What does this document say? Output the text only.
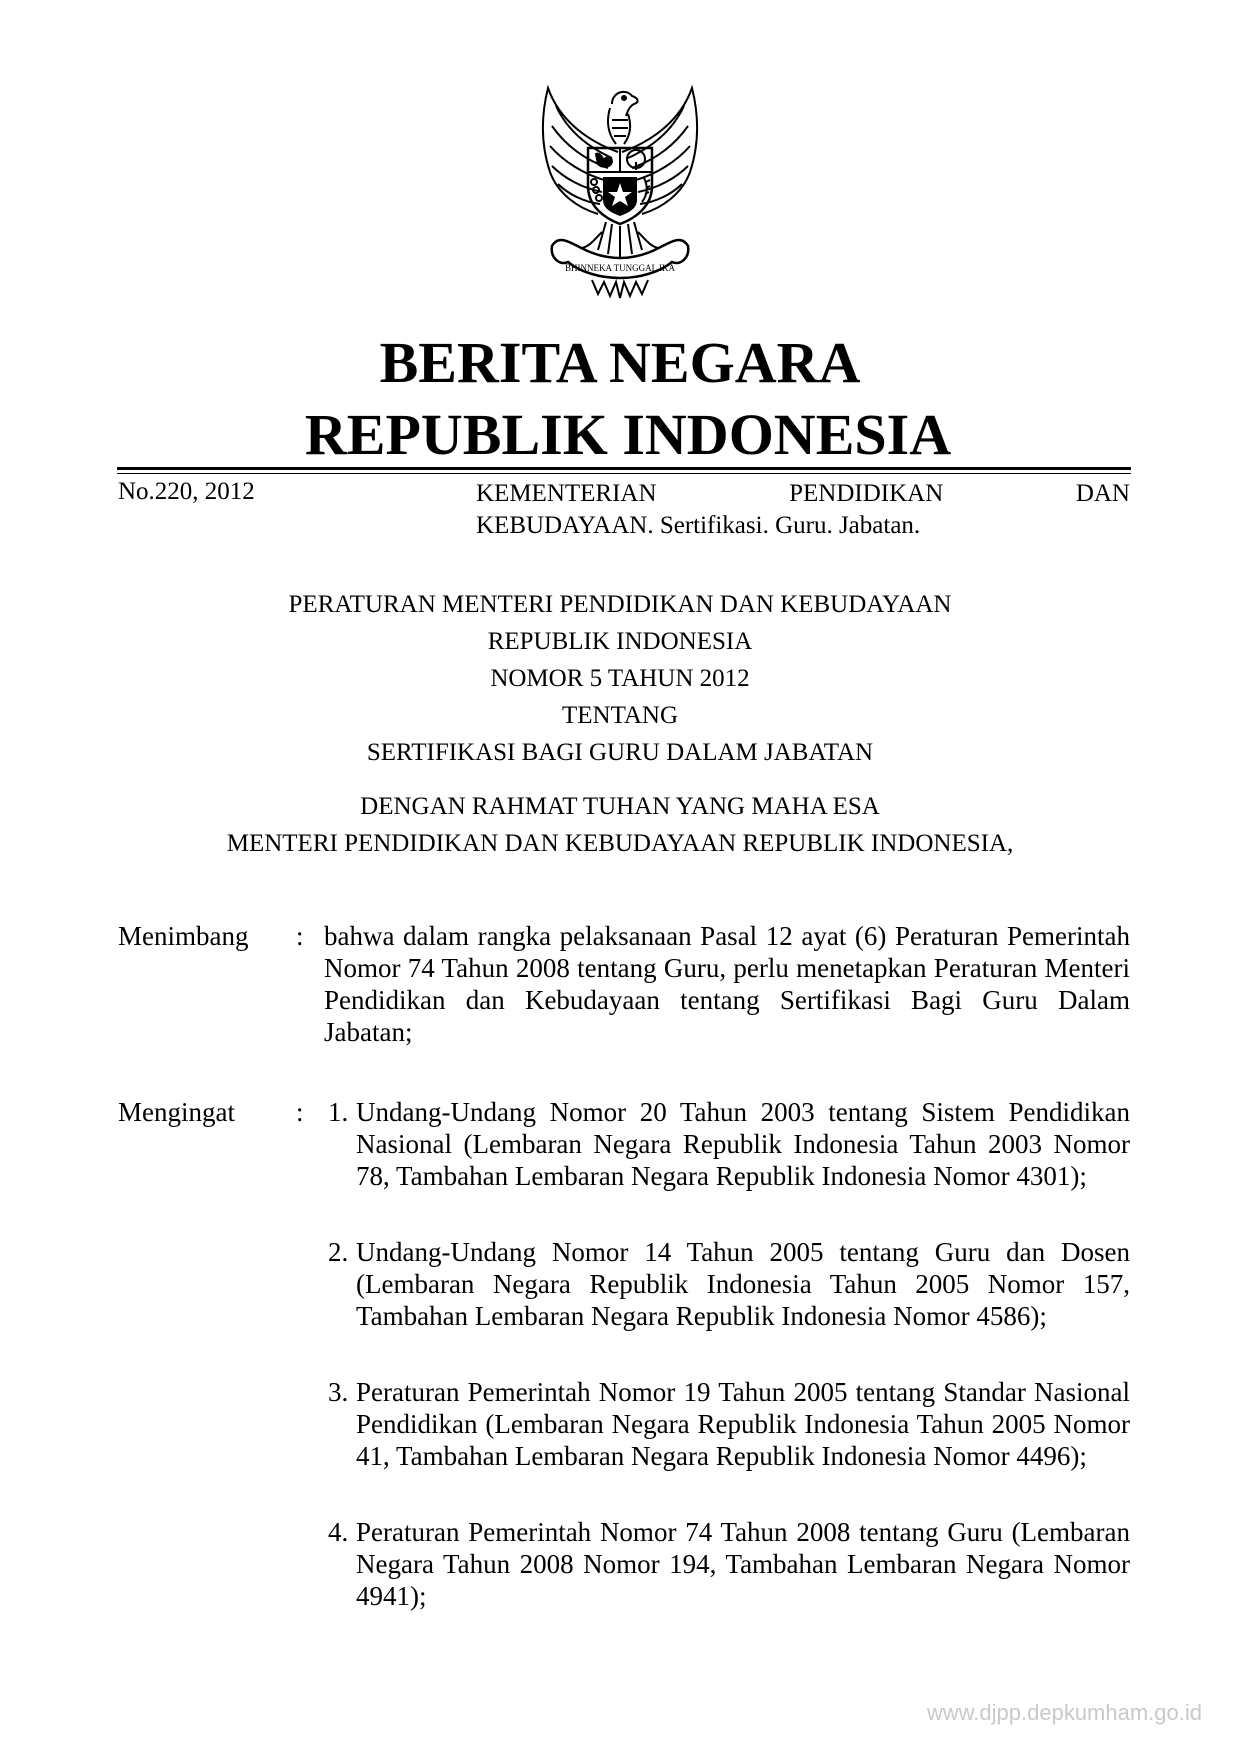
BHINNEKA TUNGGAL IKA
BERITA NEGARA
REPUBLIK INDONESIA
No.220, 2012	KEMENTERIAN	PENDIDIKAN	DAN
KEBUDAYAAN. Sertifikasi. Guru. Jabatan.
PERATURAN MENTERI PENDIDIKAN DAN KEBUDAYAAN
REPUBLIK INDONESIA
NOMOR 5 TAHUN 2012
TENTANG
SERTIFIKASI BAGI GURU DALAM JABATAN
DENGAN RAHMAT TUHAN YANG MAHA ESA
MENTERI PENDIDIKAN DAN KEBUDAYAAN REPUBLIK INDONESIA,
Menimbang : bahwa dalam rangka pelaksanaan Pasal 12 ayat (6) Peraturan Pemerintah Nomor 74 Tahun 2008 tentang Guru, perlu menetapkan Peraturan Menteri Pendidikan dan Kebudayaan tentang Sertifikasi Bagi Guru Dalam Jabatan;
Mengingat : 1. Undang-Undang Nomor 20 Tahun 2003 tentang Sistem Pendidikan Nasional (Lembaran Negara Republik Indonesia Tahun 2003 Nomor 78, Tambahan Lembaran Negara Republik Indonesia Nomor 4301);
2. Undang-Undang Nomor 14 Tahun 2005 tentang Guru dan Dosen (Lembaran Negara Republik Indonesia Tahun 2005 Nomor 157, Tambahan Lembaran Negara Republik Indonesia Nomor 4586);
3. Peraturan Pemerintah Nomor 19 Tahun 2005 tentang Standar Nasional Pendidikan (Lembaran Negara Republik Indonesia Tahun 2005 Nomor 41, Tambahan Lembaran Negara Republik Indonesia Nomor 4496);
4. Peraturan Pemerintah Nomor 74 Tahun 2008 tentang Guru (Lembaran Negara Tahun 2008 Nomor 194, Tambahan Lembaran Negara Nomor 4941);
www.djpp.depkumham.go.id
